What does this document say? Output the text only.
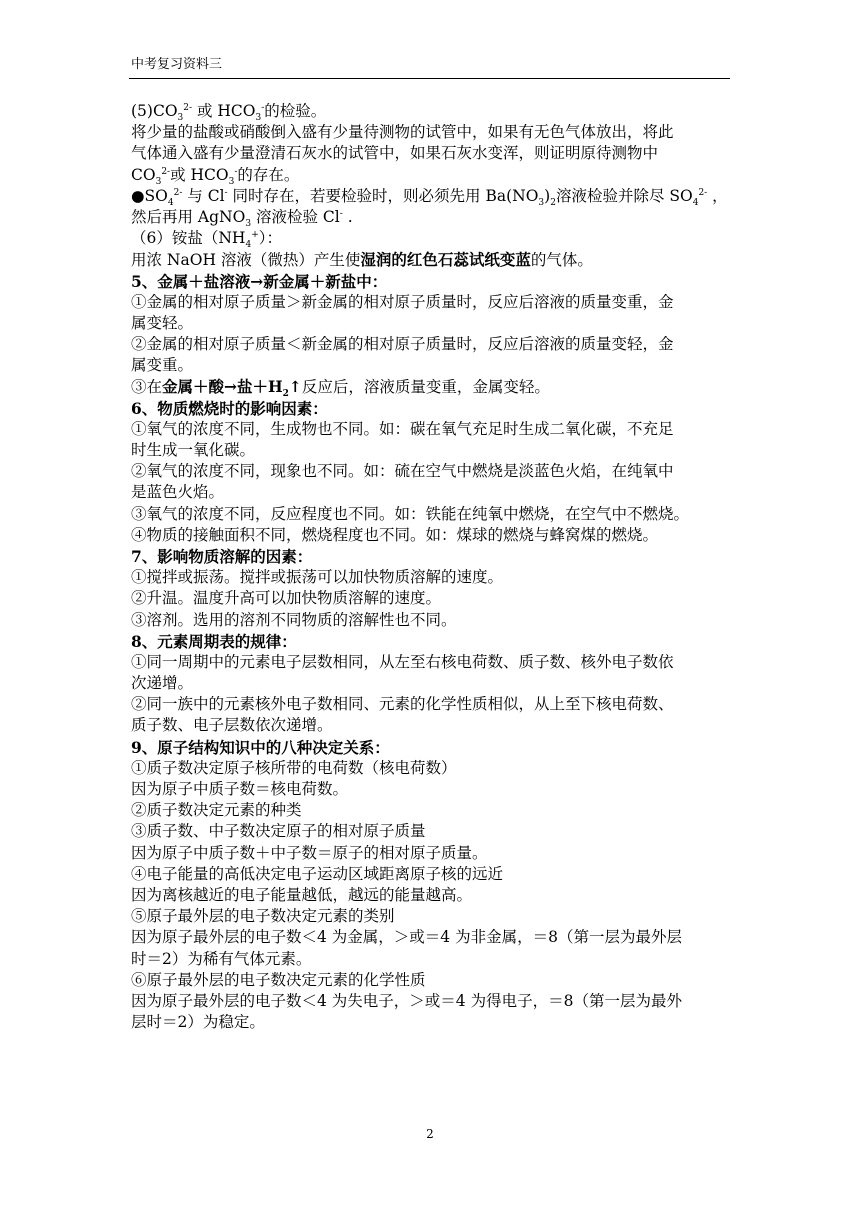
中考复习资料三
$(5)CO_3^{2-}$ 或 $HCO_3^-$的检验。
将少量的盐酸或硝酸倒入盛有少量待测物的试管中，如果有无色气体放出，将此
气体通入盛有少量澄清石灰水的试管中，如果石灰水变浑，则证明原待测物中
$CO_3^{2-}$或 $HCO_3^-$的存在。
$●SO_4^{2-}$ 与 Cl- 同时存在，若要检验时，则必须先用 $Ba(NO_3)_2$溶液检验并除尽 $SO_4^{2-}$ ，
然后再用 AgNO$_3$ 溶液检验 Cl- .
（6）铵盐$(NH_4^+)$：
用浓 NaOH 溶液（微热）产生使湿润的红色石蕊试纸变蓝的气体。
5、金属＋盐溶液→新金属＋新盐中：
①金属的相对原子质量＞新金属的相对原子质量时，反应后溶液的质量变重，金
属变轻。
②金属的相对原子质量＜新金属的相对原子质量时，反应后溶液的质量变轻，金
属变重。
③在金属＋酸→盐$+H_2↑$反应后，溶液质量变重，金属变轻。
6、物质燃烧时的影响因素：
①氧气的浓度不同，生成物也不同。如：碳在氧气充足时生成二氧化碳，不充足
时生成一氧化碳。
②氧气的浓度不同，现象也不同。如：硫在空气中燃烧是淡蓝色火焰，在纯氧中
是蓝色火焰。
③氧气的浓度不同，反应程度也不同。如：铁能在纯氧中燃烧，在空气中不燃烧。
④物质的接触面积不同，燃烧程度也不同。如：煤球的燃烧与蜂窝煤的燃烧。
7、影响物质溶解的因素：
①搅拌或振荡。搅拌或振荡可以加快物质溶解的速度。
②升温。温度升高可以加快物质溶解的速度。
③溶剂。选用的溶剂不同物质的溶解性也不同。
8、元素周期表的规律：
①同一周期中的元素电子层数相同，从左至右核电荷数、质子数、核外电子数依
次递增。
②同一族中的元素核外电子数相同、元素的化学性质相似，从上至下核电荷数、
质子数、电子层数依次递增。
9、原子结构知识中的八种决定关系：
①质子数决定原子核所带的电荷数（核电荷数）
因为原子中质子数＝核电荷数。
②质子数决定元素的种类
③质子数、中子数决定原子的相对原子质量
因为原子中质子数＋中子数＝原子的相对原子质量。
④电子能量的高低决定电子运动区域距离原子核的远近
因为离核越近的电子能量越低，越远的能量越高。
⑤原子最外层的电子数决定元素的类别
因为原子最外层的电子数＜4 为金属，＞或＝4 为非金属，＝8（第一层为最外层
时＝2）为稀有气体元素。
⑥原子最外层的电子数决定元素的化学性质
因为原子最外层的电子数＜4 为失电子，＞或＝4 为得电子，＝8（第一层为最外
层时＝2）为稳定。
2
